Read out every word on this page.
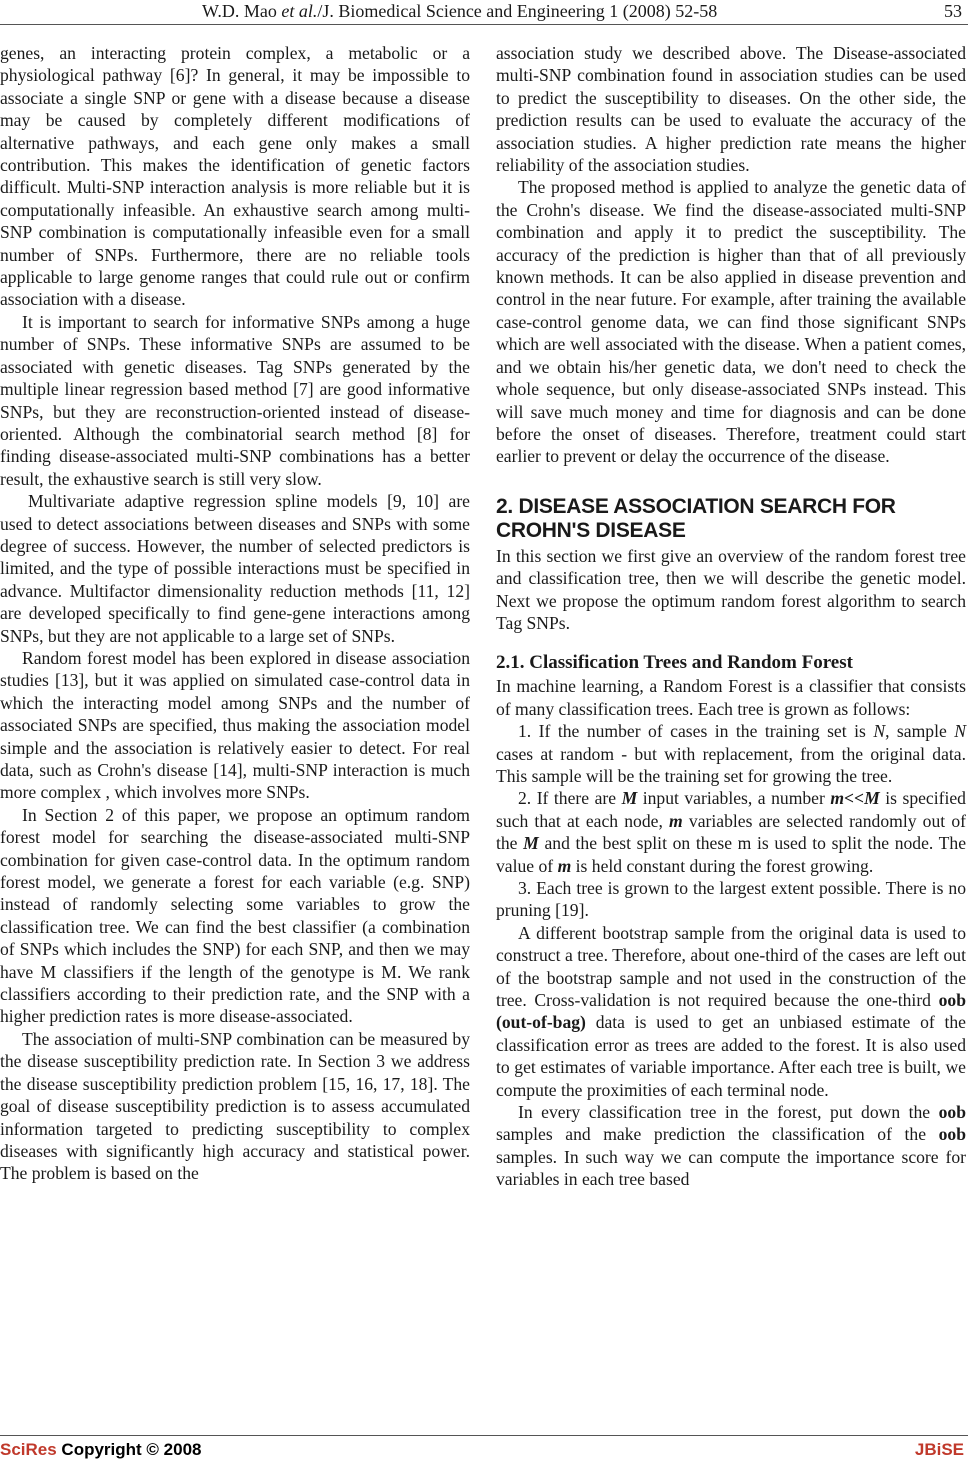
W.D. Mao et al./J. Biomedical Science and Engineering 1 (2008) 52-58	53

genes, an interacting protein complex, a metabolic or a physiological pathway [6]? In general, it may be impossible to associate a single SNP or gene with a disease because a disease may be caused by completely different modifications of alternative pathways, and each gene only makes a small contribution. This makes the identification of genetic factors difficult. Multi-SNP interaction analysis is more reliable but it is computationally infeasible. An exhaustive search among multi-SNP combination is computationally infeasible even for a small number of SNPs. Furthermore, there are no reliable tools applicable to large genome ranges that could rule out or confirm association with a disease.

It is important to search for informative SNPs among a huge number of SNPs. These informative SNPs are assumed to be associated with genetic diseases. Tag SNPs generated by the multiple linear regression based method [7] are good informative SNPs, but they are reconstruction-oriented instead of disease-oriented. Although the combinatorial search method [8] for finding disease-associated multi-SNP combinations has a better result, the exhaustive search is still very slow.

Multivariate adaptive regression spline models [9, 10] are used to detect associations between diseases and SNPs with some degree of success. However, the number of selected predictors is limited, and the type of possible interactions must be specified in advance. Multifactor dimensionality reduction methods [11, 12] are developed specifically to find gene-gene interactions among SNPs, but they are not applicable to a large set of SNPs.

Random forest model has been explored in disease association studies [13], but it was applied on simulated case-control data in which the interacting model among SNPs and the number of associated SNPs are specified, thus making the association model simple and the association is relatively easier to detect. For real data, such as Crohn's disease [14], multi-SNP interaction is much more complex , which involves more SNPs.

In Section 2 of this paper, we propose an optimum random forest model for searching the disease-associated multi-SNP combination for given case-control data. In the optimum random forest model, we generate a forest for each variable (e.g. SNP) instead of randomly selecting some variables to grow the classification tree. We can find the best classifier (a combination of SNPs which includes the SNP) for each SNP, and then we may have M classifiers if the length of the genotype is M. We rank classifiers according to their prediction rate, and the SNP with a higher prediction rates is more disease-associated.

The association of multi-SNP combination can be measured by the disease susceptibility prediction rate. In Section 3 we address the disease susceptibility prediction problem [15, 16, 17, 18]. The goal of disease susceptibility prediction is to assess accumulated information targeted to predicting susceptibility to complex diseases with significantly high accuracy and statistical power. The problem is based on the

association study we described above. The Disease-associated multi-SNP combination found in association studies can be used to predict the susceptibility to diseases. On the other side, the prediction results can be used to evaluate the accuracy of the association studies. A higher prediction rate means the higher reliability of the association studies.

The proposed method is applied to analyze the genetic data of the Crohn's disease. We find the disease-associated multi-SNP combination and apply it to predict the susceptibility. The accuracy of the prediction is higher than that of all previously known methods. It can be also applied in disease prevention and control in the near future. For example, after training the available case-control genome data, we can find those significant SNPs which are well associated with the disease. When a patient comes, and we obtain his/her genetic data, we don't need to check the whole sequence, but only disease-associated SNPs instead. This will save much money and time for diagnosis and can be done before the onset of diseases. Therefore, treatment could start earlier to prevent or delay the occurrence of the disease.

2. DISEASE ASSOCIATION SEARCH FOR CROHN'S DISEASE

In this section we first give an overview of the random forest tree and classification tree, then we will describe the genetic model. Next we propose the optimum random forest algorithm to search Tag SNPs.

2.1. Classification Trees and Random Forest

In machine learning, a Random Forest is a classifier that consists of many classification trees. Each tree is grown as follows:

1. If the number of cases in the training set is N, sample N cases at random - but with replacement, from the original data. This sample will be the training set for growing the tree.

2. If there are M input variables, a number m<<M is specified such that at each node, m variables are selected randomly out of the M and the best split on these m is used to split the node. The value of m is held constant during the forest growing.

3. Each tree is grown to the largest extent possible. There is no pruning [19].

A different bootstrap sample from the original data is used to construct a tree. Therefore, about one-third of the cases are left out of the bootstrap sample and not used in the construction of the tree. Cross-validation is not required because the one-third oob (out-of-bag) data is used to get an unbiased estimate of the classification error as trees are added to the forest. It is also used to get estimates of variable importance. After each tree is built, we compute the proximities of each terminal node.

In every classification tree in the forest, put down the oob samples and make prediction the classification of the oob samples. In such way we can compute the importance score for variables in each tree based

SciRes Copyright © 2008	JBiSE
